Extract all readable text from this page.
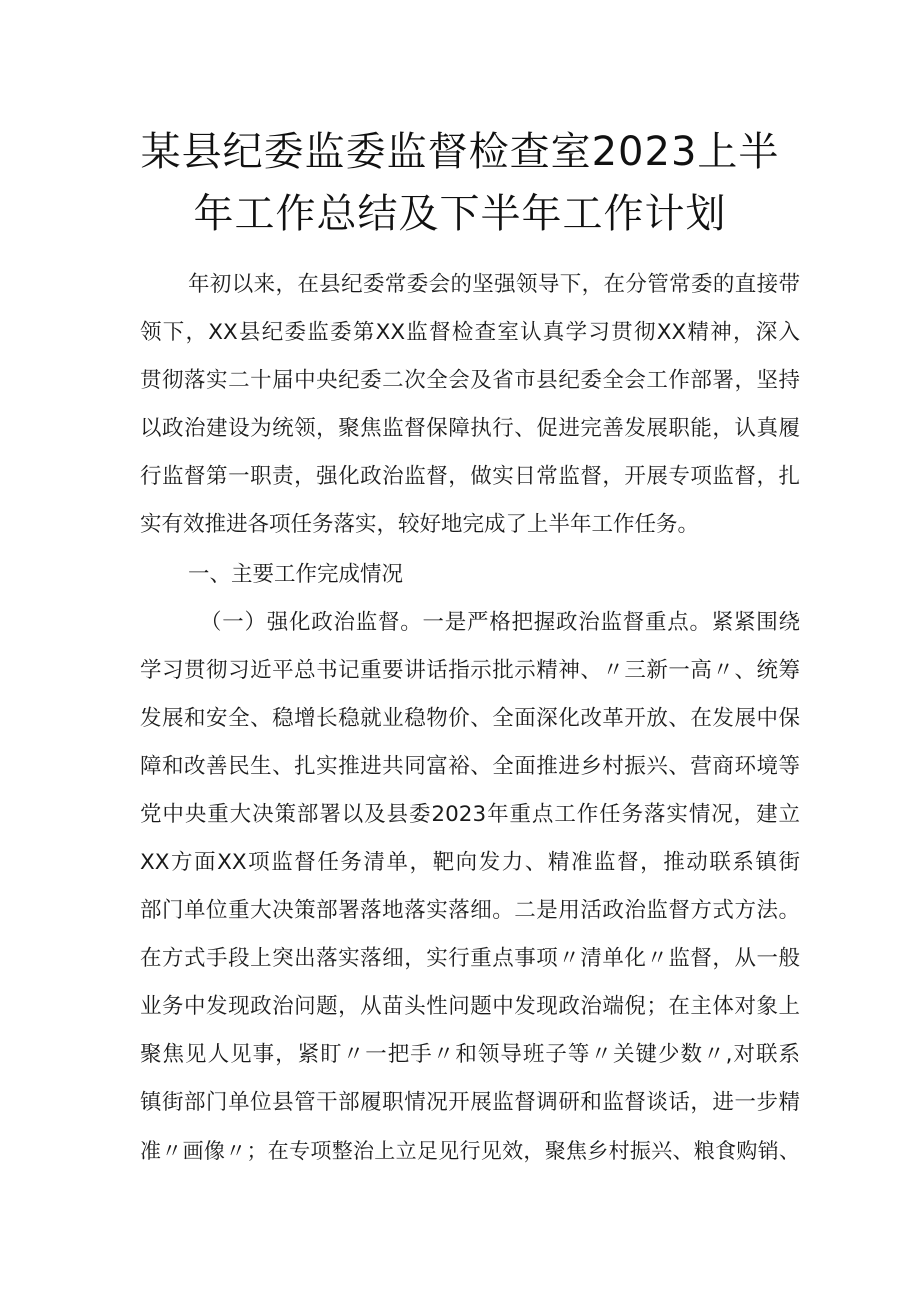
某县纪委监委监督检查室2023上半
年工作总结及下半年工作计划
年初以来，在县纪委常委会的坚强领导下，在分管常委的直接带
领下，XX县纪委监委第XX监督检查室认真学习贯彻XX精神，深入
贯彻落实二十届中央纪委二次全会及省市县纪委全会工作部署，坚持
以政治建设为统领，聚焦监督保障执行、促进完善发展职能，认真履
行监督第一职责，强化政治监督，做实日常监督，开展专项监督，扎
实有效推进各项任务落实，较好地完成了上半年工作任务。
一、主要工作完成情况
（一）强化政治监督。一是严格把握政治监督重点。紧紧围绕
学习贯彻习近平总书记重要讲话指示批示精神、〃三新一高〃、统筹
发展和安全、稳增长稳就业稳物价、全面深化改革开放、在发展中保
障和改善民生、扎实推进共同富裕、全面推进乡村振兴、营商环境等
党中央重大决策部署以及县委2023年重点工作任务落实情况，建立
XX方面XX项监督任务清单，靶向发力、精准监督，推动联系镇街
部门单位重大决策部署落地落实落细。二是用活政治监督方式方法。
在方式手段上突出落实落细，实行重点事项〃清单化〃监督，从一般
业务中发现政治问题，从苗头性问题中发现政治端倪；在主体对象上
聚焦见人见事，紧盯〃一把手〃和领导班子等〃关键少数〃,对联系
镇街部门单位县管干部履职情况开展监督调研和监督谈话，进一步精
准〃画像〃；在专项整治上立足见行见效，聚焦乡村振兴、粮食购销、
